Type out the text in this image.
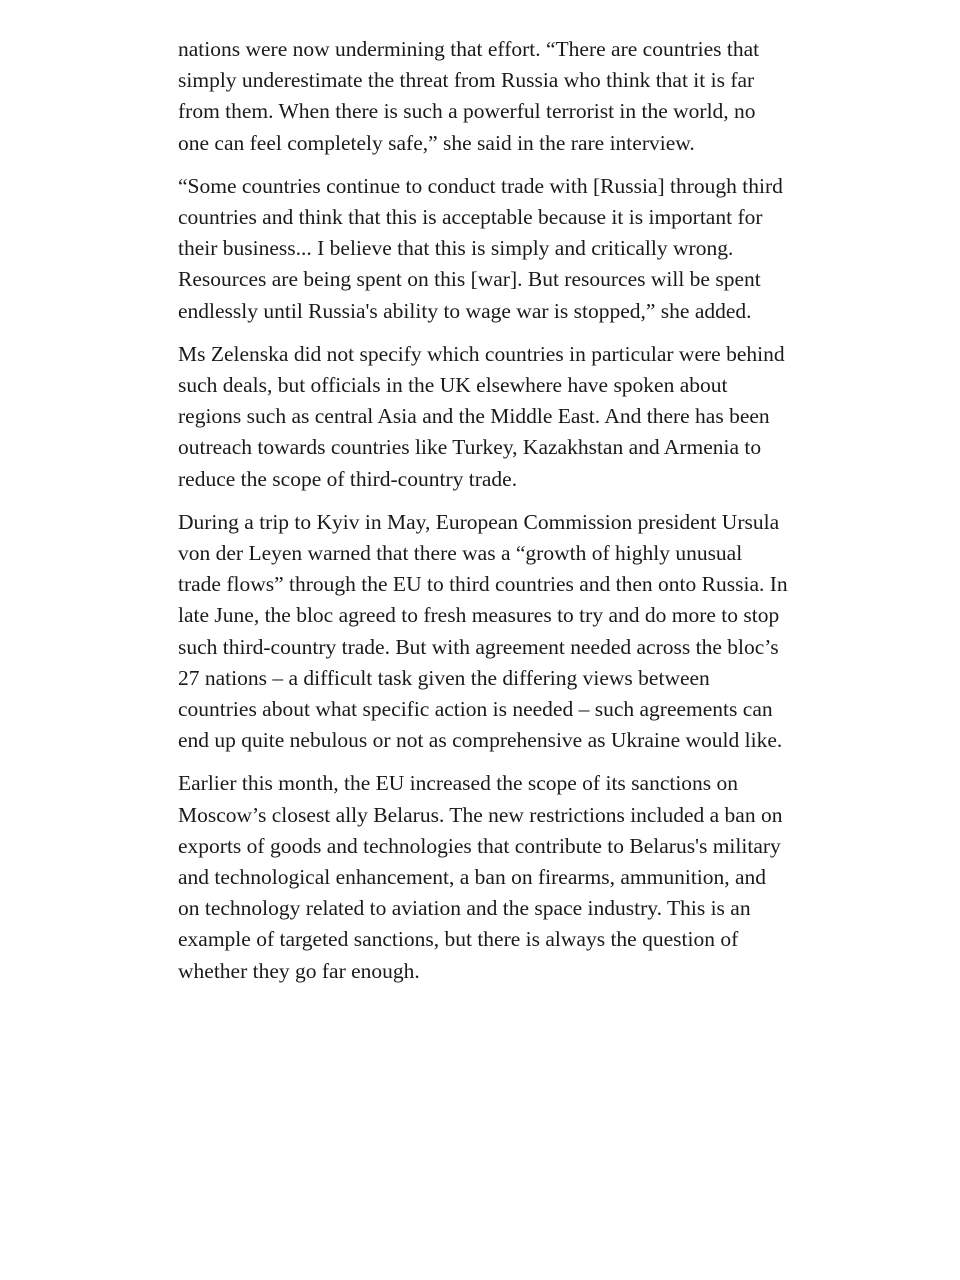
nations were now undermining that effort. “There are countries that simply underestimate the threat from Russia who think that it is far from them. When there is such a powerful terrorist in the world, no one can feel completely safe,” she said in the rare interview.

“Some countries continue to conduct trade with [Russia] through third countries and think that this is acceptable because it is important for their business... I believe that this is simply and critically wrong. Resources are being spent on this [war]. But resources will be spent endlessly until Russia's ability to wage war is stopped,” she added.

Ms Zelenska did not specify which countries in particular were behind such deals, but officials in the UK elsewhere have spoken about regions such as central Asia and the Middle East. And there has been outreach towards countries like Turkey, Kazakhstan and Armenia to reduce the scope of third-country trade.

During a trip to Kyiv in May, European Commission president Ursula von der Leyen warned that there was a “growth of highly unusual trade flows” through the EU to third countries and then onto Russia. In late June, the bloc agreed to fresh measures to try and do more to stop such third-country trade. But with agreement needed across the bloc’s 27 nations – a difficult task given the differing views between countries about what specific action is needed – such agreements can end up quite nebulous or not as comprehensive as Ukraine would like.

Earlier this month, the EU increased the scope of its sanctions on Moscow’s closest ally Belarus. The new restrictions included a ban on exports of goods and technologies that contribute to Belarus's military and technological enhancement, a ban on firearms, ammunition, and on technology related to aviation and the space industry. This is an example of targeted sanctions, but there is always the question of whether they go far enough.
